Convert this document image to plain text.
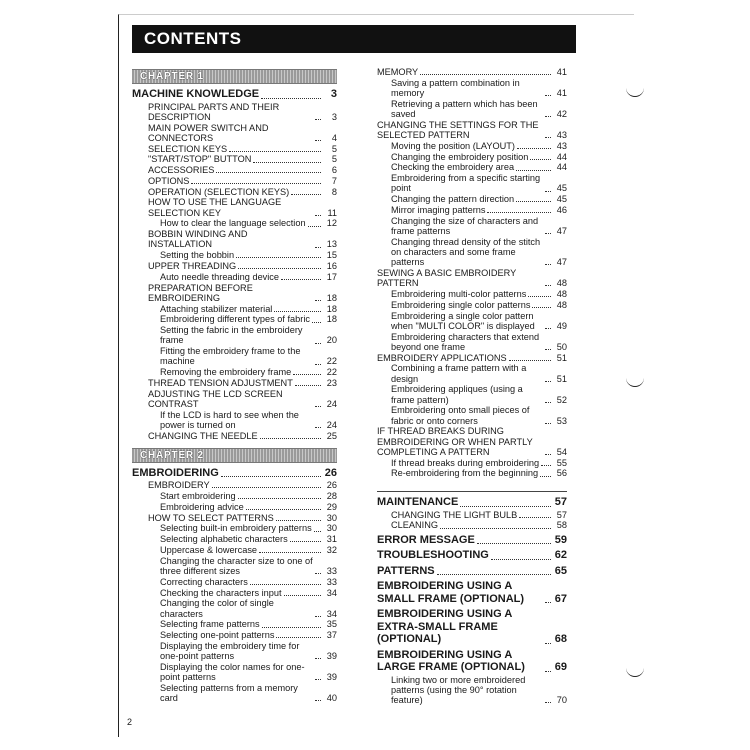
CONTENTS
CHAPTER 1
MACHINE KNOWLEDGE	3
PRINCIPAL PARTS AND THEIR DESCRIPTION	3
MAIN POWER SWITCH AND CONNECTORS	4
SELECTION KEYS	5
"START/STOP" BUTTON	5
ACCESSORIES	6
OPTIONS	7
OPERATION (SELECTION KEYS)	8
HOW TO USE THE LANGUAGE SELECTION KEY	11
How to clear the language selection	12
BOBBIN WINDING AND INSTALLATION	13
Setting the bobbin	15
UPPER THREADING	16
Auto needle threading device	17
PREPARATION BEFORE EMBROIDERING	18
Attaching stabilizer material	18
Embroidering different types of fabric	18
Setting the fabric in the embroidery frame	20
Fitting the embroidery frame to the machine	22
Removing the embroidery frame	22
THREAD TENSION ADJUSTMENT	23
ADJUSTING THE LCD SCREEN CONTRAST	24
If the LCD is hard to see when the power is turned on	24
CHANGING THE NEEDLE	25
CHAPTER 2
EMBROIDERING	26
EMBROIDERY	26
Start embroidering	28
Embroidering advice	29
HOW TO SELECT PATTERNS	30
Selecting built-in embroidery patterns	30
Selecting alphabetic characters	31
Uppercase & lowercase	32
Changing the character size to one of three different sizes	33
Correcting characters	33
Checking the characters input	34
Changing the color of single characters	34
Selecting frame patterns	35
Selecting one-point patterns	37
Displaying the embroidery time for one-point patterns	39
Displaying the color names for one-point patterns	39
Selecting patterns from a memory card	40
MEMORY	41
Saving a pattern combination in memory	41
Retrieving a pattern which has been saved	42
CHANGING THE SETTINGS FOR THE SELECTED PATTERN	43
Moving the position (LAYOUT)	43
Changing the embroidery position	44
Checking the embroidery area	44
Embroidering from a specific starting point	45
Changing the pattern direction	45
Mirror imaging patterns	46
Changing the size of characters and frame patterns	47
Changing thread density of the stitch on characters and some frame patterns	47
SEWING A BASIC EMBROIDERY PATTERN	48
Embroidering multi-color patterns	48
Embroidering single color patterns	48
Embroidering a single color pattern when "MULTI COLOR" is displayed	49
Embroidering characters that extend beyond one frame	50
EMBROIDERY APPLICATIONS	51
Combining a frame pattern with a design	51
Embroidering appliques (using a frame pattern)	52
Embroidering onto small pieces of fabric or onto corners	53
IF THREAD BREAKS DURING EMBROIDERING OR WHEN PARTLY COMPLETING A PATTERN	54
If thread breaks during embroidering	55
Re-embroidering from the beginning	56
MAINTENANCE	57
CHANGING THE LIGHT BULB	57
CLEANING	58
ERROR MESSAGE	59
TROUBLESHOOTING	62
PATTERNS	65
EMBROIDERING USING A SMALL FRAME (OPTIONAL)	67
EMBROIDERING USING A EXTRA-SMALL FRAME (OPTIONAL)	68
EMBROIDERING USING A LARGE FRAME (OPTIONAL)	69
Linking two or more embroidered patterns (using the 90° rotation feature)	70
2
